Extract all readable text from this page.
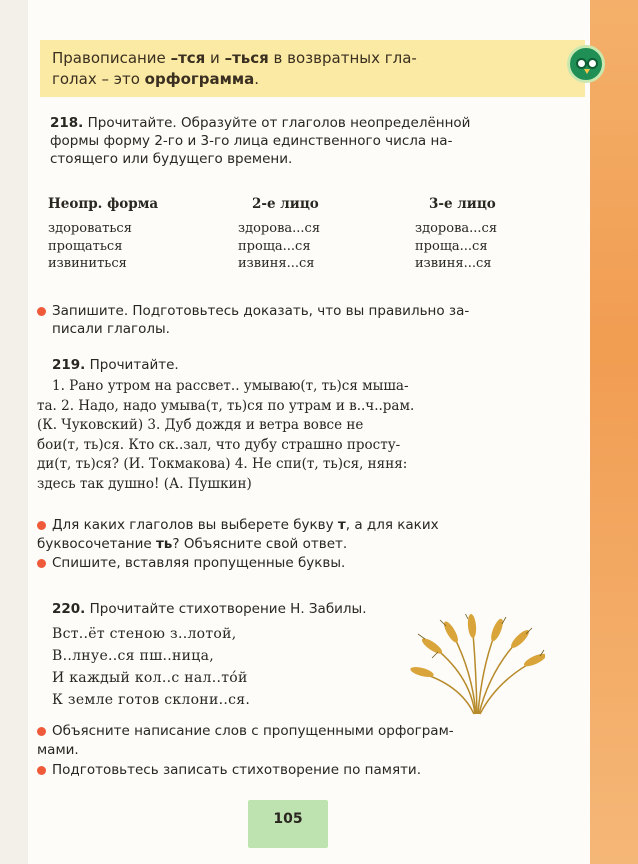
Правописание –тся и –ться в возвратных гла-
голах – это орфограмма.
218. Прочитайте. Образуйте от глаголов неопределённой
формы форму 2-го и 3-го лица единственного числа на-
стоящего или будущего времени.
Неопр. форма
здороваться
прощаться
извиниться
2-е лицо
здорова...ся
проща...ся
извиня...ся
3-е лицо
здорова...ся
проща...ся
извиня...ся
Запишите. Подготовьтесь доказать, что вы правильно за-
писали глаголы.
219. Прочитайте.
1. Рано утром на рассвет.. умываю(т, ть)ся мыша-
та. 2. Надо, надо умыва(т, ть)ся по утрам и в..ч..рам.
(К. Чуковский) 3. Дуб дождя и ветра вовсе не
бои(т, ть)ся. Кто ск..зал, что дубу страшно просту-
ди(т, ть)ся? (И. Токмакова) 4. Не спи(т, ть)ся, няня:
здесь так душно! (А. Пушкин)
Для каких глаголов вы выберете букву т, а для каких
буквосочетание ть? Объясните свой ответ.
Спишите, вставляя пропущенные буквы.
220. Прочитайте стихотворение Н. Забилы.
Вст..ёт стеною з..лотой,
В..лнуе..ся пш..ница,
И каждый кол..с нал..тóй
К земле готов склони..ся.
Объясните написание слов с пропущенными орфограм-
мами.
Подготовьтесь записать стихотворение по памяти.
105
